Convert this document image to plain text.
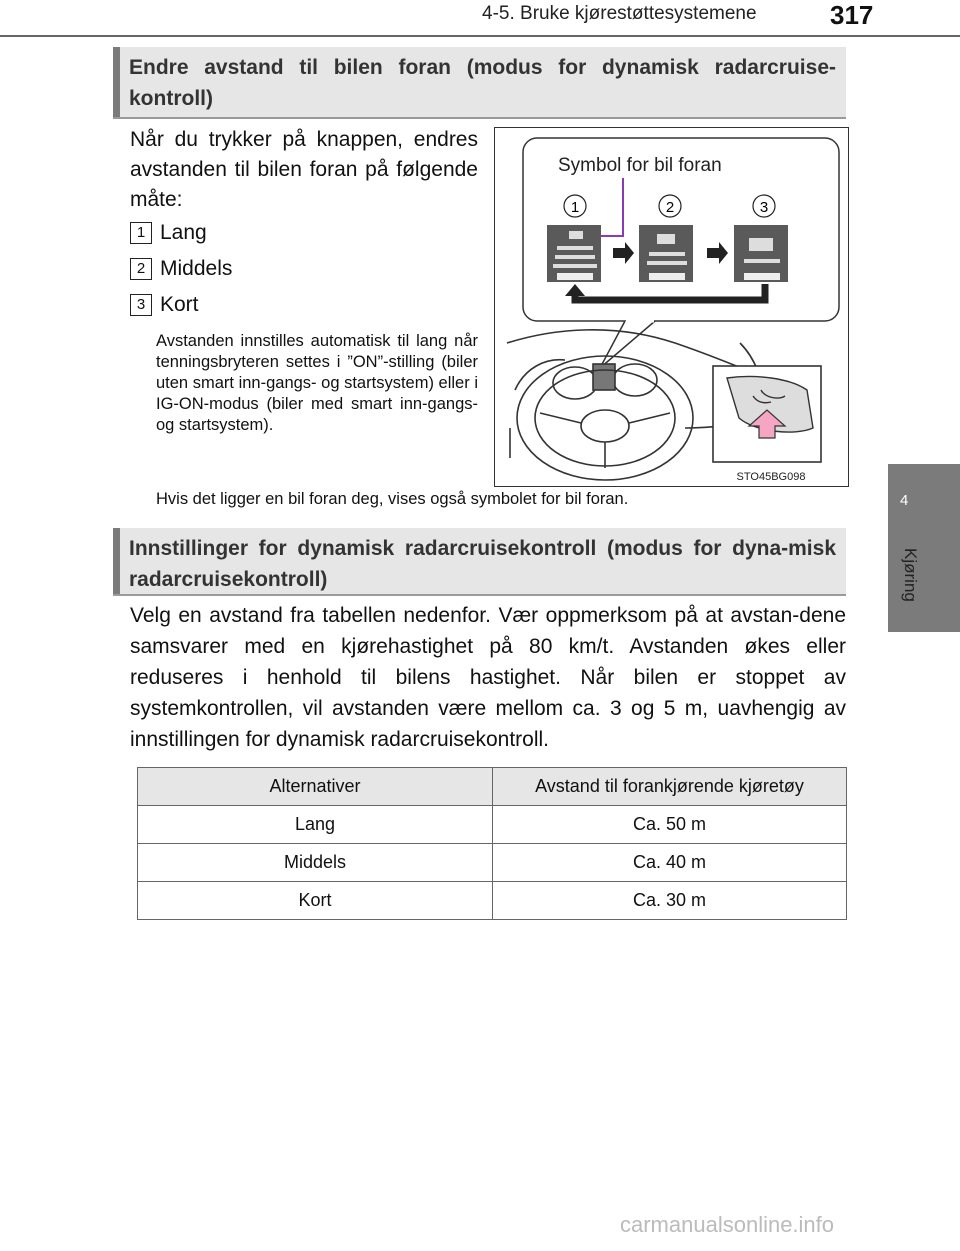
4-5. Bruke kjørestøttesystemene	317
4
Kjøring
Endre avstand til bilen foran (modus for dynamisk radarcruise-kontroll)
Når du trykker på knappen, endres avstanden til bilen foran på følgende måte:
1 Lang
2 Middels
3 Kort
Avstanden innstilles automatisk til lang når tenningsbryteren settes i ”ON”-stilling (biler uten smart inn-gangs- og startsystem) eller i IG-ON-modus (biler med smart inn-gangs- og startsystem).
Hvis det ligger en bil foran deg, vises også symbolet for bil foran.
Symbol for bil foran
1	2	3
STO45BG098
Innstillinger for dynamisk radarcruisekontroll (modus for dyna-misk radarcruisekontroll)
Velg en avstand fra tabellen nedenfor. Vær oppmerksom på at avstan-dene samsvarer med en kjørehastighet på 80 km/t. Avstanden økes eller reduseres i henhold til bilens hastighet. Når bilen er stoppet av systemkontrollen, vil avstanden være mellom ca. 3 og 5 m, uavhengig av innstillingen for dynamisk radarcruisekontroll.
Alternativer	Avstand til forankjørende kjøretøy
Lang	Ca. 50 m
Middels	Ca. 40 m
Kort	Ca. 30 m
carmanualsonline.info
